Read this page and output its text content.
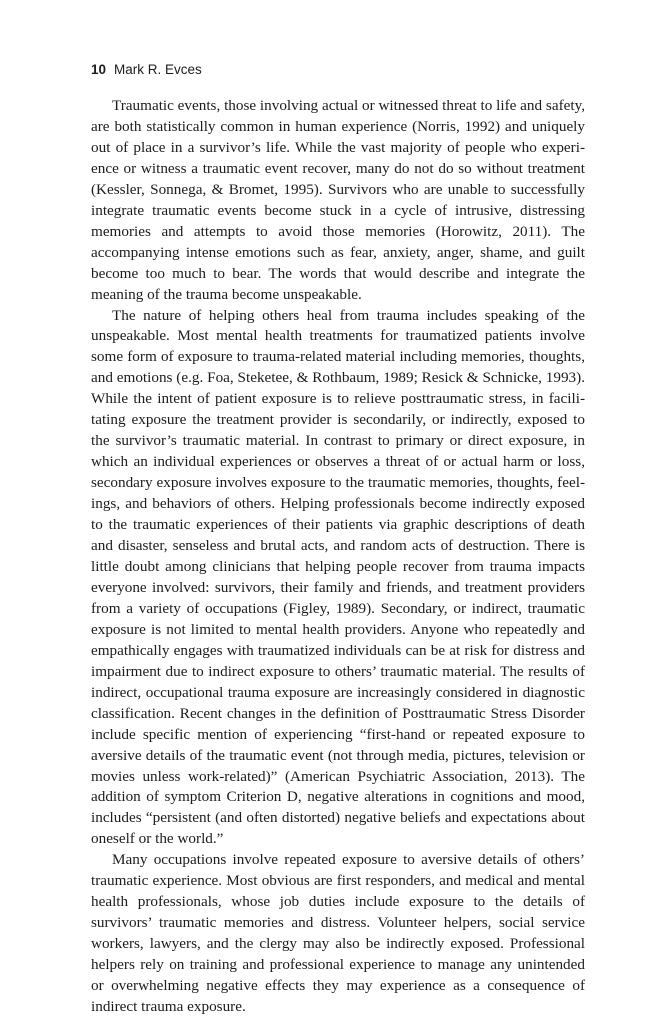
10 Mark R. Evces

Traumatic events, those involving actual or witnessed threat to life and safety, are both statistically common in human experience (Norris, 1992) and uniquely out of place in a survivor’s life. While the vast majority of people who experience or witness a traumatic event recover, many do not do so without treatment (Kessler, Sonnega, & Bromet, 1995). Survivors who are unable to successfully integrate traumatic events become stuck in a cycle of intrusive, distressing memories and attempts to avoid those memories (Horowitz, 2011). The accompanying intense emotions such as fear, anxiety, anger, shame, and guilt become too much to bear. The words that would describe and integrate the meaning of the trauma become unspeakable.

The nature of helping others heal from trauma includes speaking of the unspeakable. Most mental health treatments for traumatized patients involve some form of exposure to trauma-related material including memories, thoughts, and emotions (e.g. Foa, Steketee, & Rothbaum, 1989; Resick & Schnicke, 1993). While the intent of patient exposure is to relieve posttraumatic stress, in facilitating exposure the treatment provider is secondarily, or indirectly, exposed to the survivor’s traumatic material. In contrast to primary or direct exposure, in which an individual experiences or observes a threat of or actual harm or loss, secondary exposure involves exposure to the traumatic memories, thoughts, feelings, and behaviors of others. Helping professionals become indirectly exposed to the traumatic experiences of their patients via graphic descriptions of death and disaster, senseless and brutal acts, and random acts of destruction. There is little doubt among clinicians that helping people recover from trauma impacts everyone involved: survivors, their family and friends, and treatment providers from a variety of occupations (Figley, 1989). Secondary, or indirect, traumatic exposure is not limited to mental health providers. Anyone who repeatedly and empathically engages with traumatized individuals can be at risk for distress and impairment due to indirect exposure to others’ traumatic material. The results of indirect, occupational trauma exposure are increasingly considered in diagnostic classification. Recent changes in the definition of Posttraumatic Stress Disorder include specific mention of experiencing “first-hand or repeated exposure to aversive details of the traumatic event (not through media, pictures, television or movies unless work-related)” (American Psychiatric Association, 2013). The addition of symptom Criterion D, negative alterations in cognitions and mood, includes “persistent (and often distorted) negative beliefs and expectations about oneself or the world.”

Many occupations involve repeated exposure to aversive details of others’ traumatic experience. Most obvious are first responders, and medical and mental health professionals, whose job duties include exposure to the details of survivors’ traumatic memories and distress. Volunteer helpers, social service workers, lawyers, and the clergy may also be indirectly exposed. Professional helpers rely on training and professional experience to manage any unintended or overwhelming negative effects they may experience as a consequence of indirect trauma exposure.
